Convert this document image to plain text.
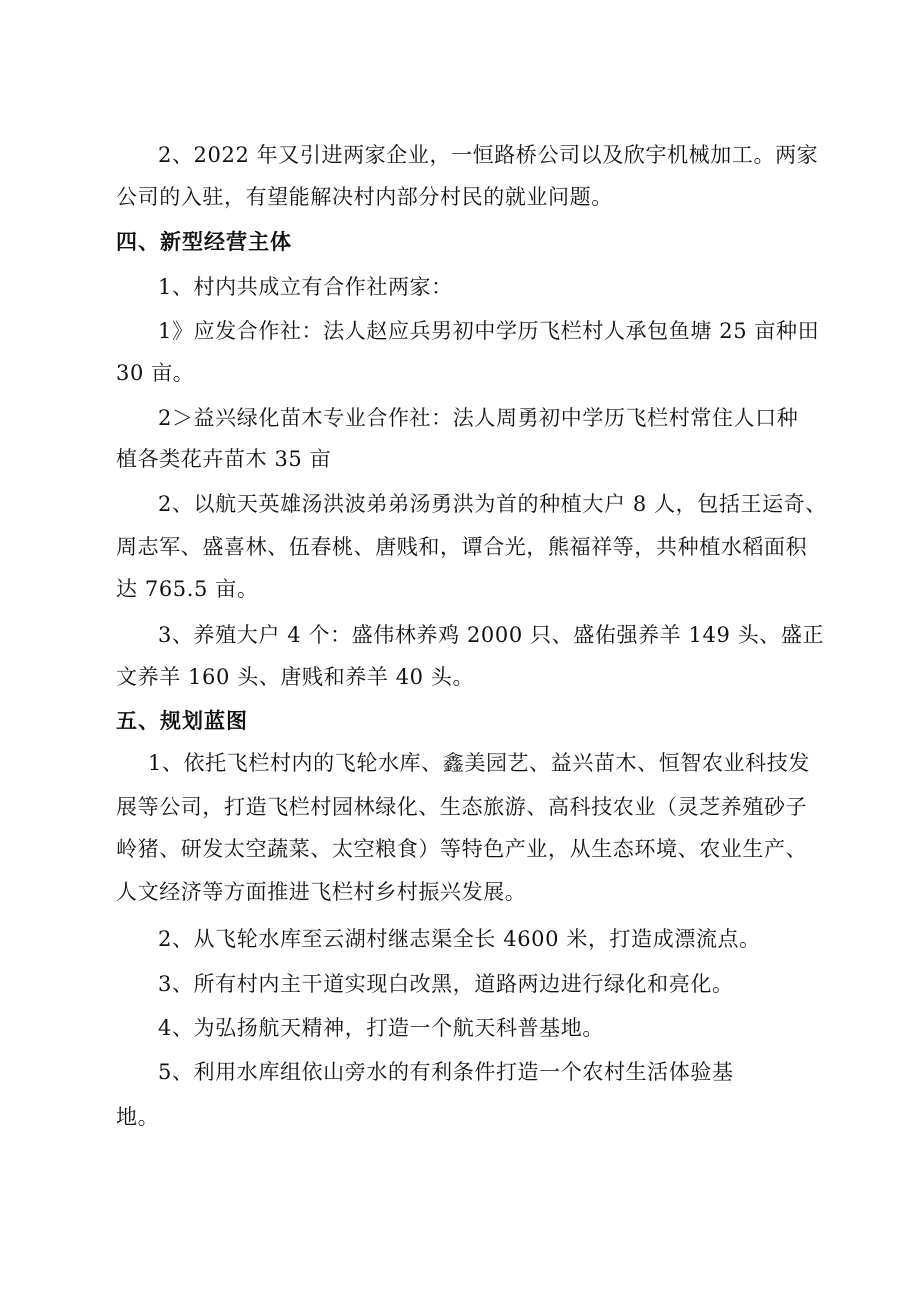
2、2022 年又引进两家企业，一恒路桥公司以及欣宇机械加工。两家
公司的入驻，有望能解决村内部分村民的就业问题。
四、新型经营主体
1、村内共成立有合作社两家：
1》应发合作社：法人赵应兵男初中学历飞栏村人承包鱼塘 25 亩种田
30 亩。
2＞益兴绿化苗木专业合作社：法人周勇初中学历飞栏村常住人口种
植各类花卉苗木 35 亩
2、以航天英雄汤洪波弟弟汤勇洪为首的种植大户 8 人，包括王运奇、
周志军、盛喜林、伍春桃、唐贱和，谭合光，熊福祥等，共种植水稻面积
达 765.5 亩。
3、养殖大户 4 个：盛伟林养鸡 2000 只、盛佑强养羊 149 头、盛正
文养羊 160 头、唐贱和养羊 40 头。
五、规划蓝图
1、依托飞栏村内的飞轮水库、鑫美园艺、益兴苗木、恒智农业科技发
展等公司，打造飞栏村园林绿化、生态旅游、高科技农业（灵芝养殖砂子
岭猪、研发太空蔬菜、太空粮食）等特色产业，从生态环境、农业生产、
人文经济等方面推进飞栏村乡村振兴发展。
2、从飞轮水库至云湖村继志渠全长 4600 米，打造成漂流点。
3、所有村内主干道实现白改黑，道路两边进行绿化和亮化。
4、为弘扬航天精神，打造一个航天科普基地。
5、利用水库组依山旁水的有利条件打造一个农村生活体验基
地。
